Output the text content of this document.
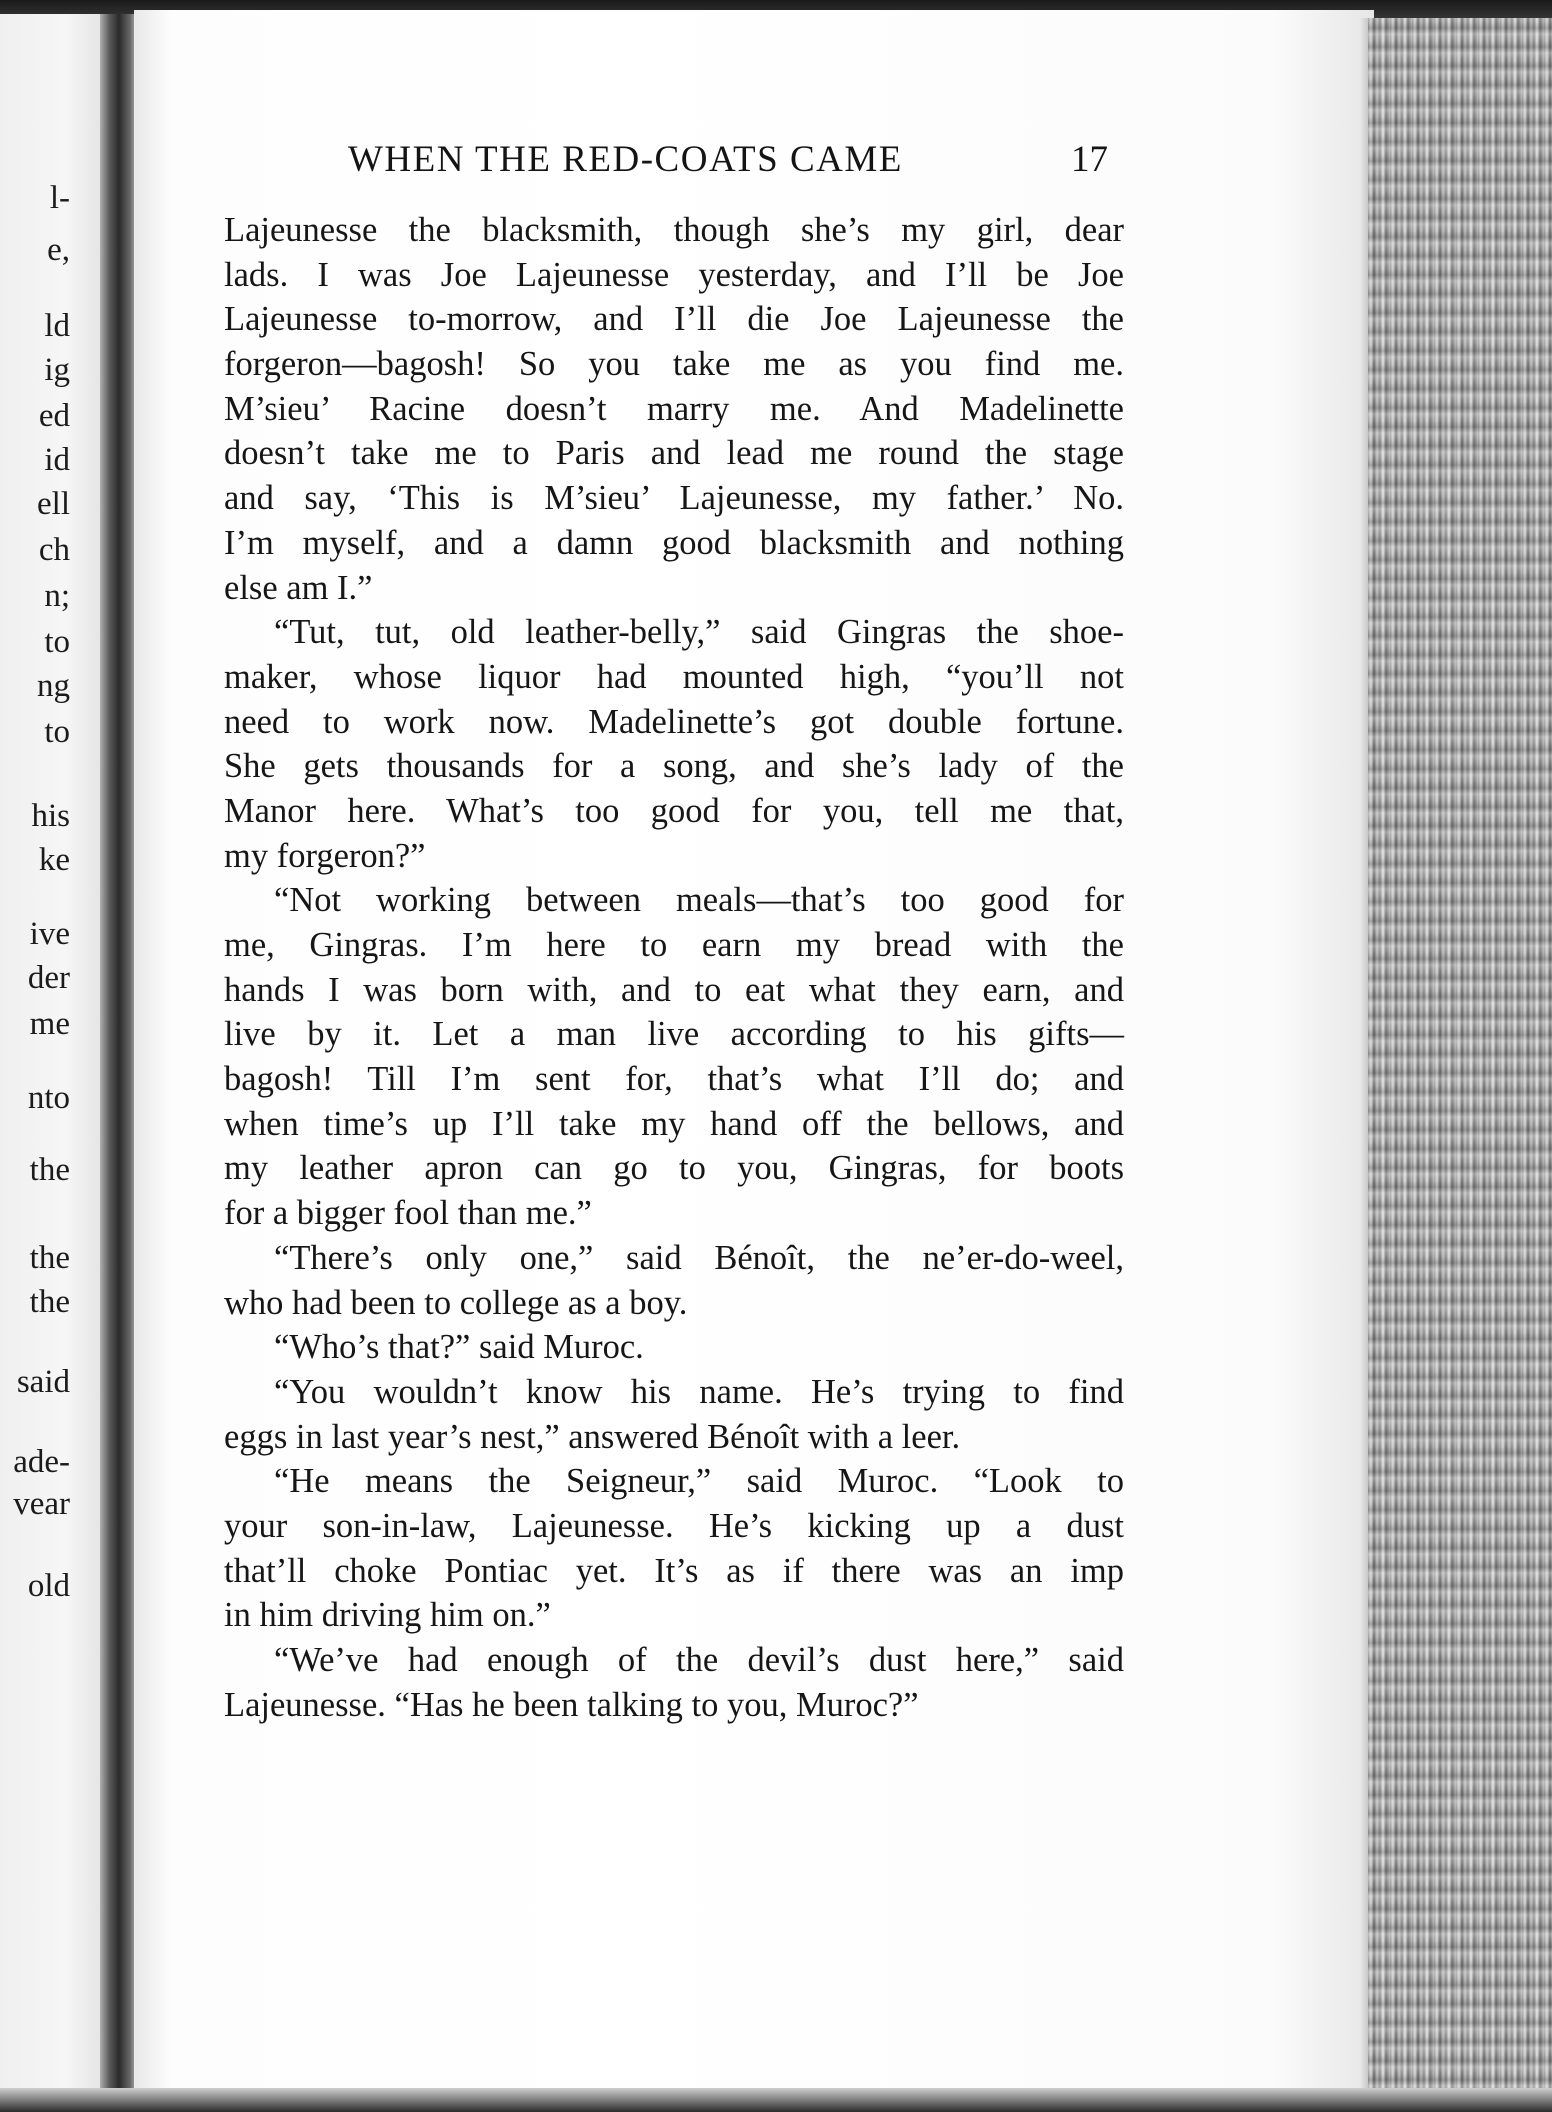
l-
e,
ld
ig
ed
id
ell
ch
n;
to
ng
to
his
ke
ive
der
me
nto
the
the
the
said
ade-
vear
old
WHEN THE RED-COATS CAME	17
Lajeunesse the blacksmith, though she’s my girl, dear
lads. I was Joe Lajeunesse yesterday, and I’ll be Joe
Lajeunesse to-morrow, and I’ll die Joe Lajeunesse the
forgeron—bagosh! So you take me as you find me.
M’sieu’ Racine doesn’t marry me. And Madelinette
doesn’t take me to Paris and lead me round the stage
and say, ‘This is M’sieu’ Lajeunesse, my father.’ No.
I’m myself, and a damn good blacksmith and nothing
else am I.”
“Tut, tut, old leather-belly,” said Gingras the shoe-
maker, whose liquor had mounted high, “you’ll not
need to work now. Madelinette’s got double fortune.
She gets thousands for a song, and she’s lady of the
Manor here. What’s too good for you, tell me that,
my forgeron?”
“Not working between meals—that’s too good for
me, Gingras. I’m here to earn my bread with the
hands I was born with, and to eat what they earn, and
live by it. Let a man live according to his gifts—
bagosh! Till I’m sent for, that’s what I’ll do; and
when time’s up I’ll take my hand off the bellows, and
my leather apron can go to you, Gingras, for boots
for a bigger fool than me.”
“There’s only one,” said Bénoît, the ne’er-do-weel,
who had been to college as a boy.
“Who’s that?” said Muroc.
“You wouldn’t know his name. He’s trying to find
eggs in last year’s nest,” answered Bénoît with a leer.
“He means the Seigneur,” said Muroc. “Look to
your son-in-law, Lajeunesse. He’s kicking up a dust
that’ll choke Pontiac yet. It’s as if there was an imp
in him driving him on.”
“We’ve had enough of the devil’s dust here,” said
Lajeunesse. “Has he been talking to you, Muroc?”
